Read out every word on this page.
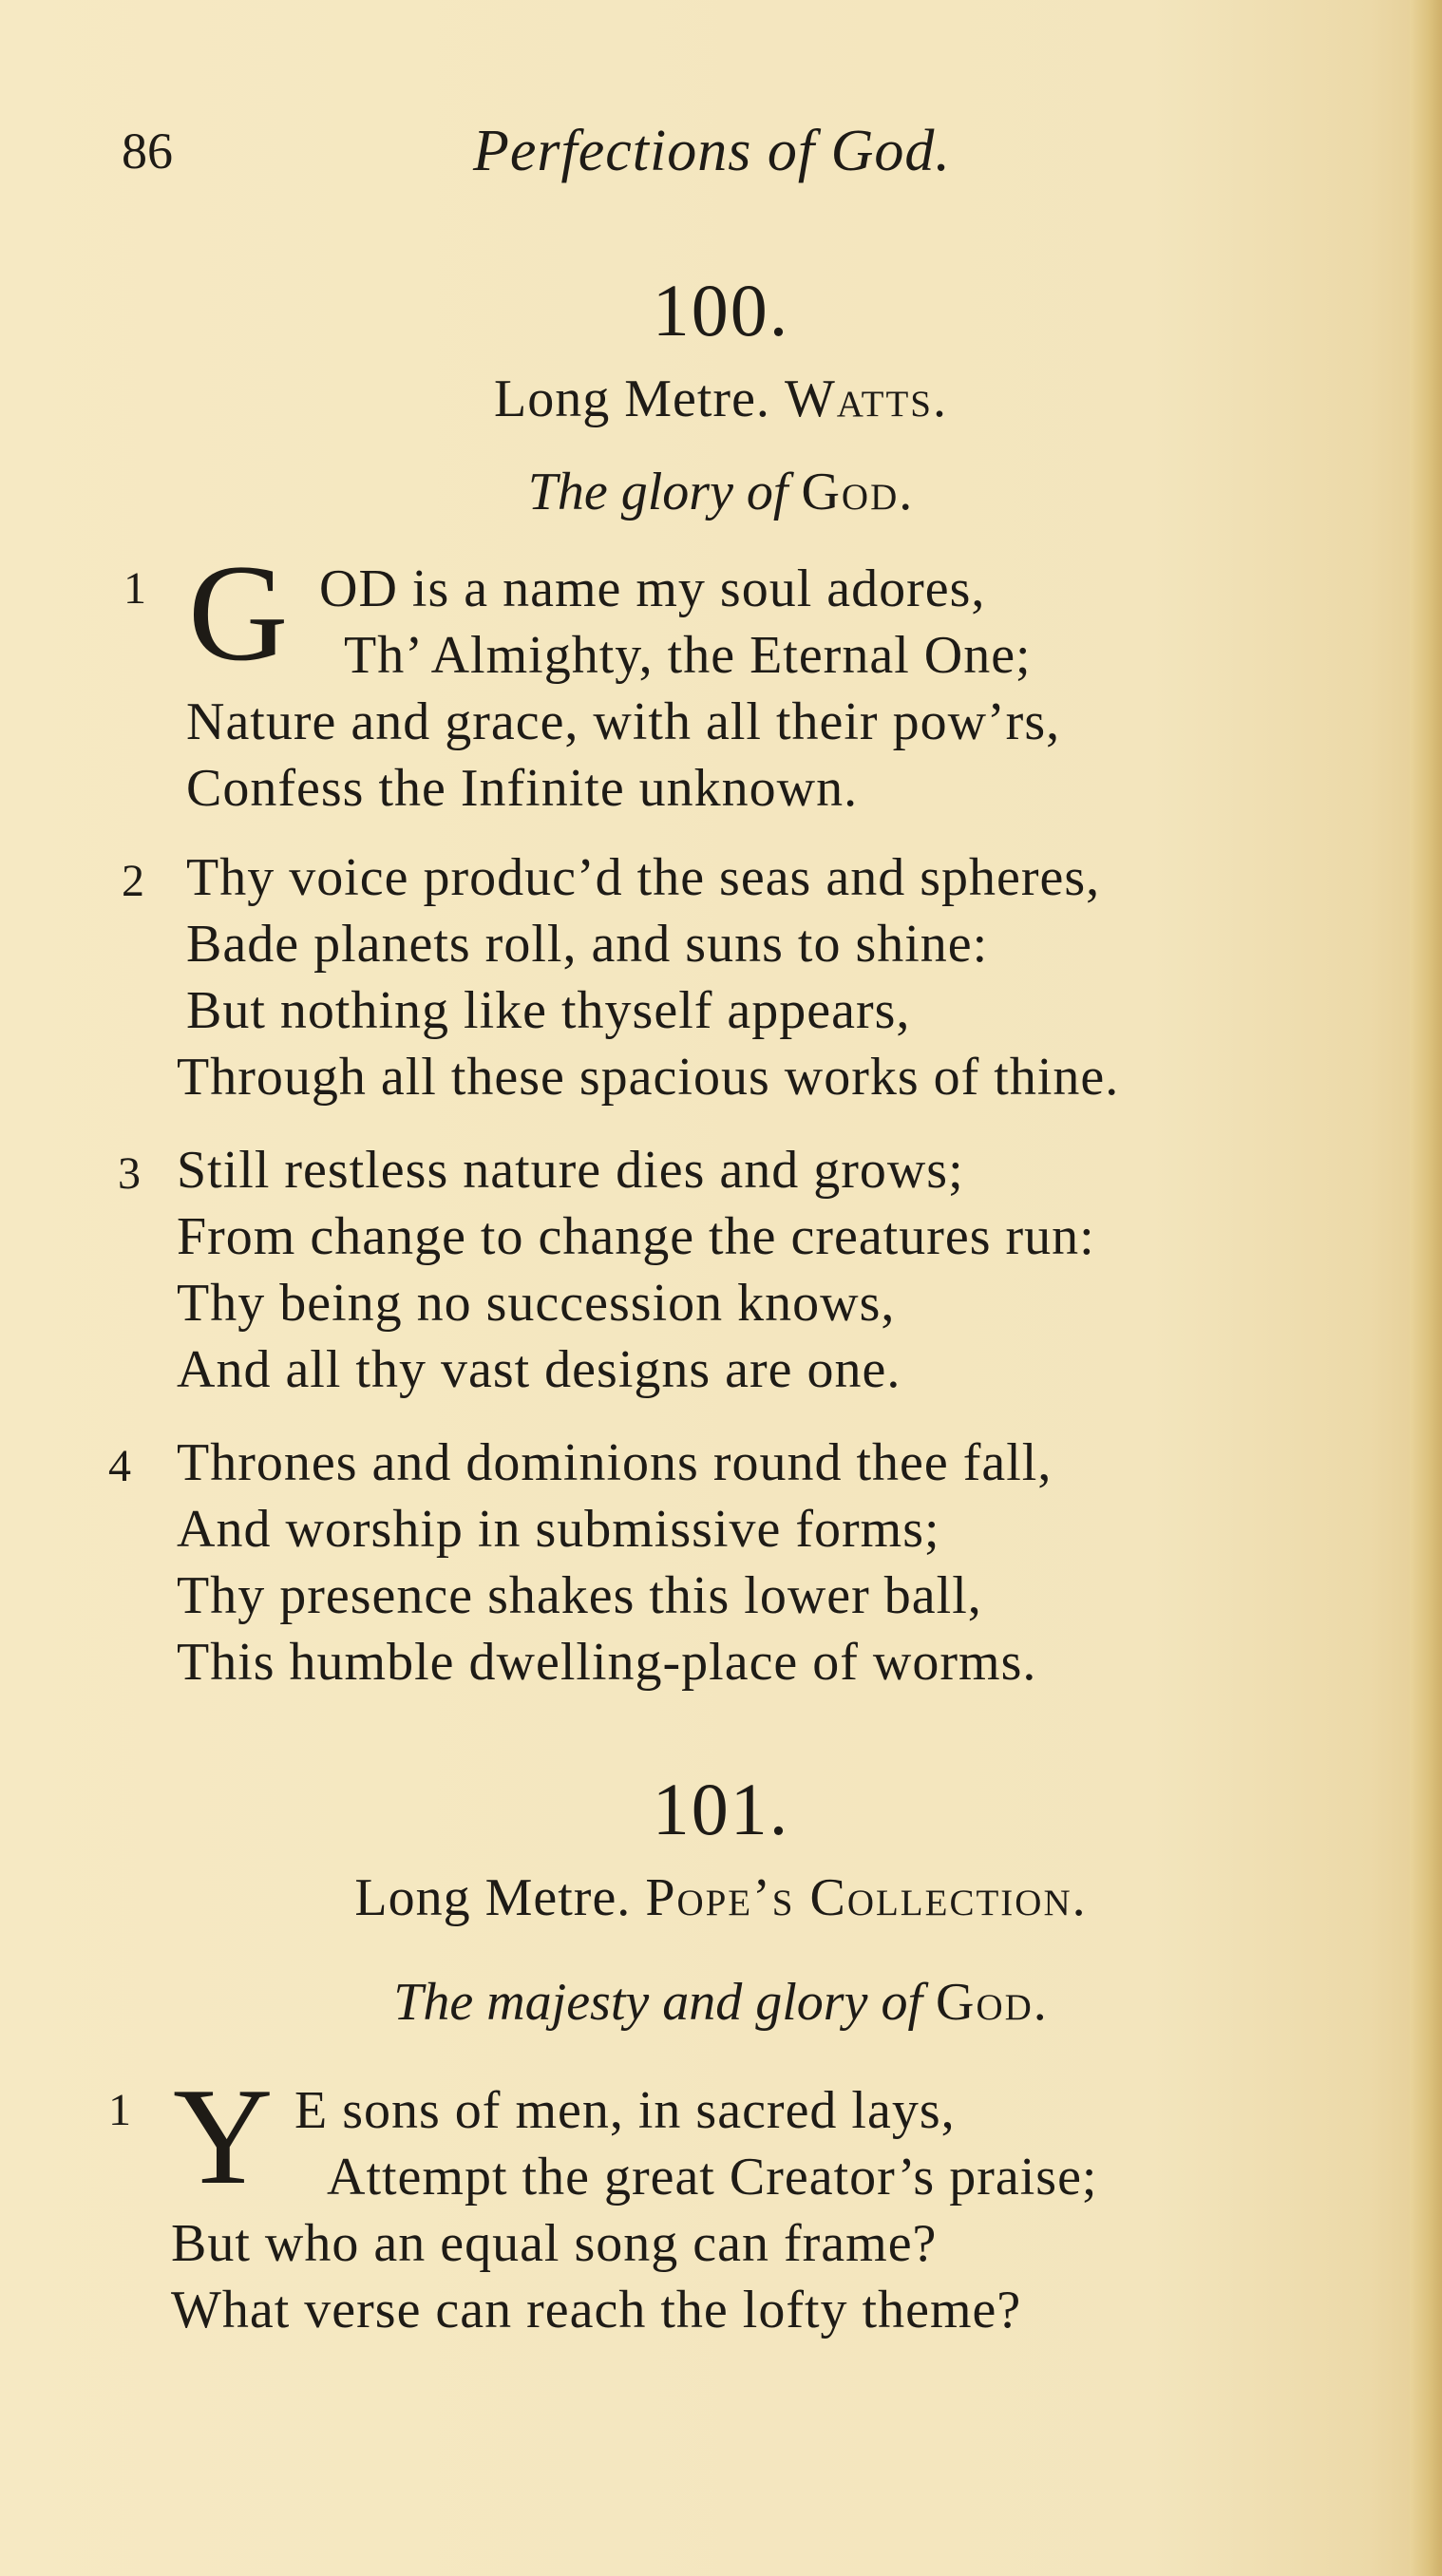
86	Perfections of God.
100.
Long Metre. Watts.
The glory of God.
1 G OD is a name my soul adores,
Th’ Almighty, the Eternal One;
Nature and grace, with all their pow’rs,
Confess the Infinite unknown.
2 Thy voice produc’d the seas and spheres,
Bade planets roll, and suns to shine:
But nothing like thyself appears,
Through all these spacious works of thine.
3 Still restless nature dies and grows;
From change to change the creatures run:
Thy being no succession knows,
And all thy vast designs are one.
4 Thrones and dominions round thee fall,
And worship in submissive forms;
Thy presence shakes this lower ball,
This humble dwelling-place of worms.
101.
Long Metre. Pope’s Collection.
The majesty and glory of God.
1 Y E sons of men, in sacred lays,
Attempt the great Creator’s praise;
But who an equal song can frame?
What verse can reach the lofty theme?
